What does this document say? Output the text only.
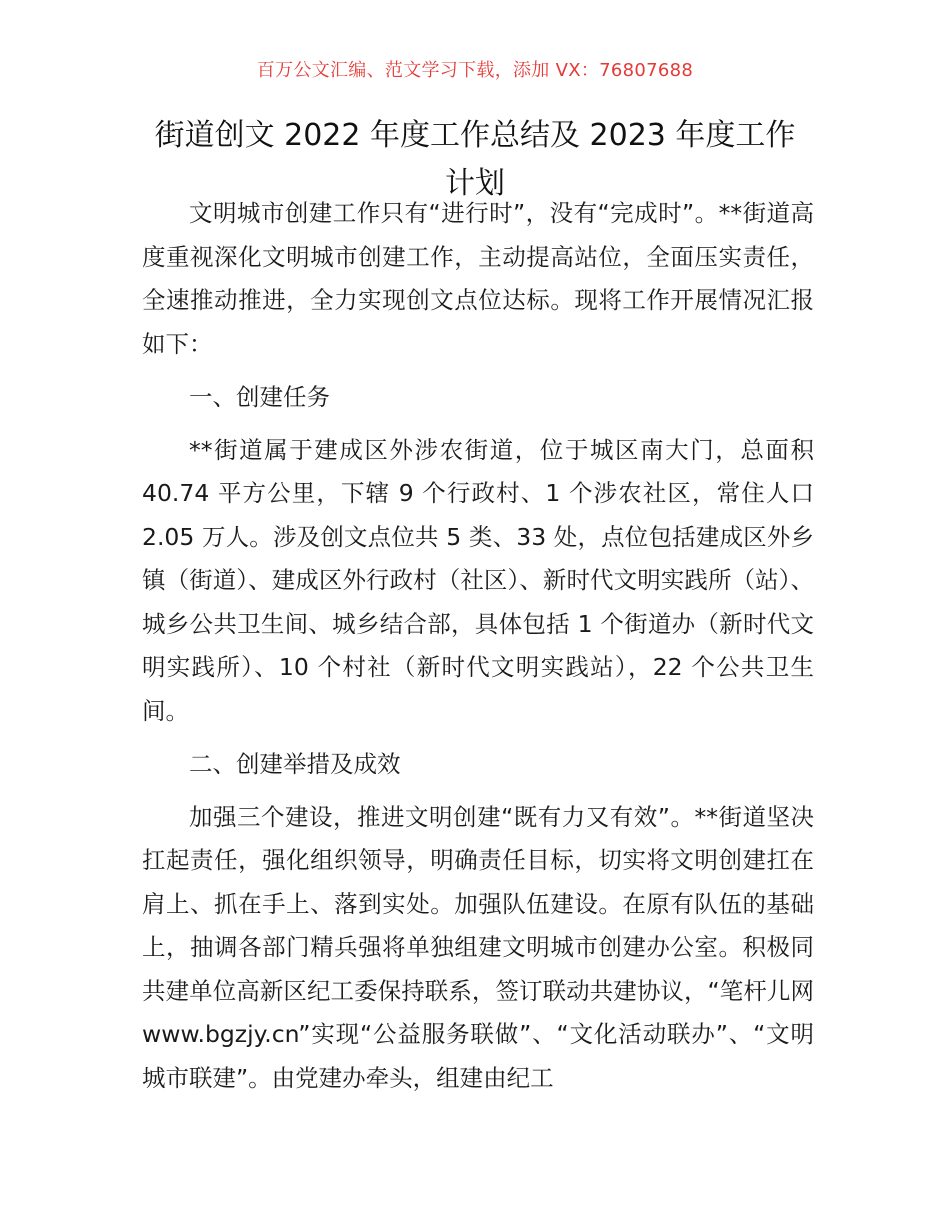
百万公文汇编、范文学习下载，添加 VX：76807688
街道创文 2022 年度工作总结及 2023 年度工作
计划

文明城市创建工作只有“进行时”，没有“完成时”。**街道高度重视深化文明城市创建工作，主动提高站位，全面压实责任，全速推动推进，全力实现创文点位达标。现将工作开展情况汇报如下：

一、创建任务

**街道属于建成区外涉农街道，位于城区南大门，总面积 40.74 平方公里，下辖 9 个行政村、1 个涉农社区，常住人口 2.05 万人。涉及创文点位共 5 类、33 处，点位包括建成区外乡镇（街道）、建成区外行政村（社区）、新时代文明实践所（站）、城乡公共卫生间、城乡结合部，具体包括 1 个街道办（新时代文明实践所）、10 个村社（新时代文明实践站），22 个公共卫生间。

二、创建举措及成效

加强三个建设，推进文明创建“既有力又有效”。**街道坚决扛起责任，强化组织领导，明确责任目标，切实将文明创建扛在肩上、抓在手上、落到实处。加强队伍建设。在原有队伍的基础上，抽调各部门精兵强将单独组建文明城市创建办公室。积极同共建单位高新区纪工委保持联系，签订联动共建协议，“笔杆儿网 www.bgzjy.cn”实现“公益服务联做”、“文化活动联办”、“文明城市联建”。由党建办牵头，组建由纪工
